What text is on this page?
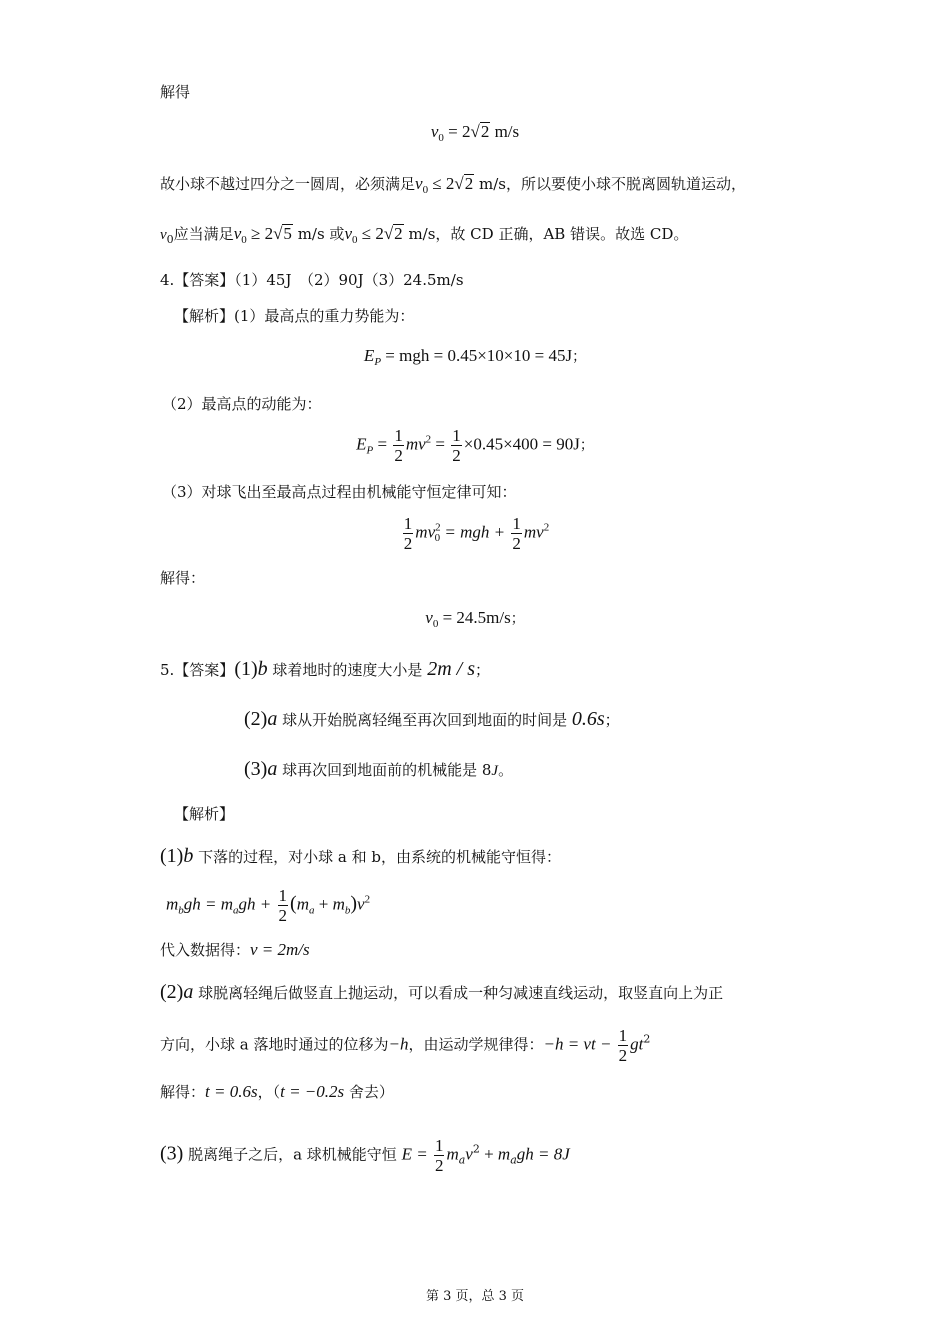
解得
$v_0 = 2√2$ m/s
故小球不越过四分之一圆周，必须满足$v_0 \le 2√2$ m/s，所以要使小球不脱离圆轨道运动，
$v_0$应当满足$v_0 \ge 2√5$ m/s 或$v_0 \le 2√2$ m/s，故 CD 正确，AB 错误。故选 CD。
4.【答案】（1）45J　（2）90J（3）24.5m/s
【解析】(1）最高点的重力势能为：
$E_P$ = mgh = 0.45×10×10 = 45J；
（2）最高点的动能为：
$E_P = \frac{1}{2} mv^2 = \frac{1}{2} \times 0.45\times 400 = 90J$；
（3）对球飞出至最高点过程由机械能守恒定律可知：
$\frac{1}{2} mv^2_0$ = mgh + $\frac{1}{2} mv^2$
解得：
$v_0 = 24.5m/s$；
5.【答案】(1)b 球着地时的速度大小是 2m / s；
(2)a 球从开始脱离轻绳至再次回到地面的时间是 0.6s；
(3)a 球再次回到地面前的机械能是 8J。
【解析】
(1)b 下落的过程，对小球 a 和 b，由系统的机械能守恒得：
$m_bgh = m_agh + \frac{1}{2} (m_a + m_b)v^2$
代入数据得：v = 2m/s
(2)a 球脱离轻绳后做竖直上抛运动，可以看成一种匀减速直线运动，取竖直向上为正
方向，小球 a 落地时通过的位移为−h，由运动学规律得：−h = vt − $\frac{1}{2} gt^2$
解得：t = 0.6s，（t = −0.2s 舍去）
(3) 脱离绳子之后，a 球机械能守恒 $E = \frac{1}{2} m_av^2 + m_agh = 8J$
第 3 页，总 3 页
